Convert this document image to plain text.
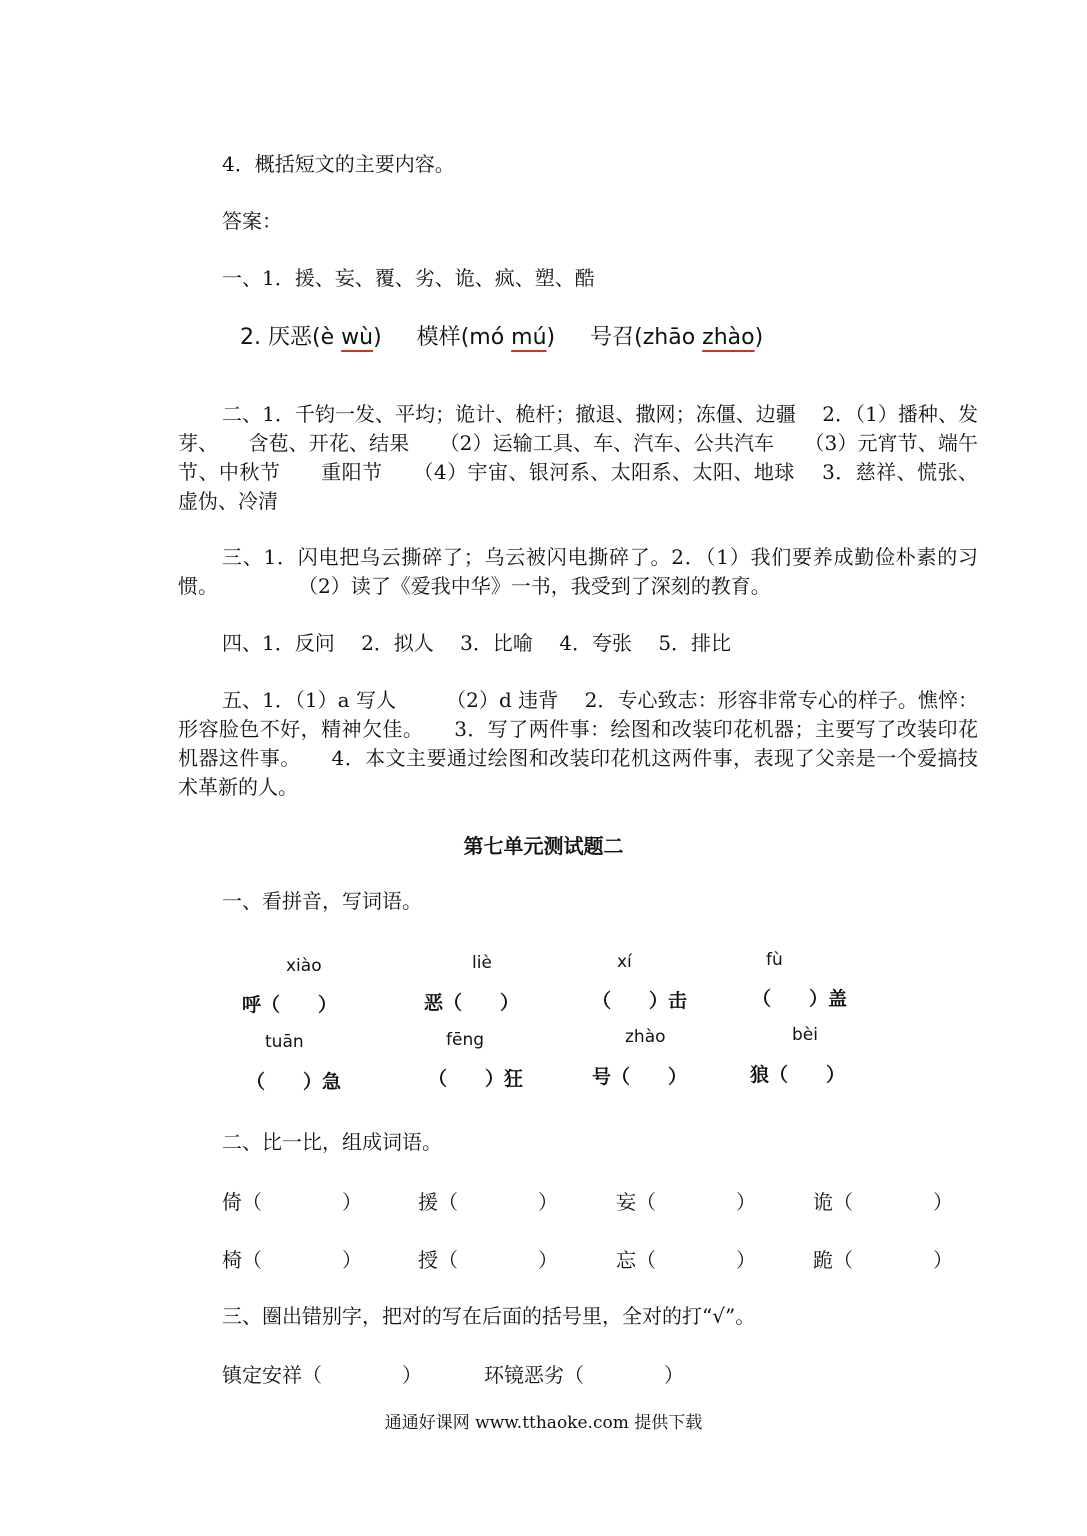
4．概括短文的主要内容。
答案：
一、1．援、妄、覆、劣、诡、疯、塑、酷
2. 厌恶(è wù) 模样(mó mú) 号召(zhāo zhào)
二、1．千钧一发、平均；诡计、桅杆；撤退、撒网；冻僵、边疆　 2．（1）播种、发芽、　　含苞、开花、结果　　（2）运输工具、车、汽车、公共汽车　　（3）元宵节、端午节、中秋节　　重阳节　　（4）宇宙、银河系、太阳系、太阳、地球　 3．慈祥、慌张、虚伪、冷清
三、1．闪电把乌云撕碎了；乌云被闪电撕碎了。2．（1）我们要养成勤俭朴素的习惯。　　　　　（2）读了《爱我中华》一书，我受到了深刻的教育。
四、1．反问　 2．拟人　 3．比喻　 4．夸张　 5．排比
五、1．（1）a 写人　　　（2）d 违背　 2．专心致志：形容非常专心的样子。憔悴：形容脸色不好，精神欠佳。　　3．写了两件事：绘图和改装印花机器；主要写了改装印花机器这件事。　　4．本文主要通过绘图和改装印花机这两件事，表现了父亲是一个爱搞技术革新的人。
第七单元测试题二
一、看拼音，写词语。
xiào	liè	xí	fù
呼（　　）	恶（　　）	（　　）击	（　　）盖
tuān	fēng	zhào	bèi
（　　）急	（　　）狂	号（　　）	狼（　　）
二、比一比，组成词语。
倚（　　　　）	援（　　　　）	妄（　　　　）	诡（　　　　）
椅（　　　　）	授（　　　　）	忘（　　　　）	跪（　　　　）
三、圈出错别字，把对的写在后面的括号里，全对的打“√”。
镇定安祥（　　　　）	环镜恶劣（　　　　）
通通好课网 www.tthaoke.com 提供下载
